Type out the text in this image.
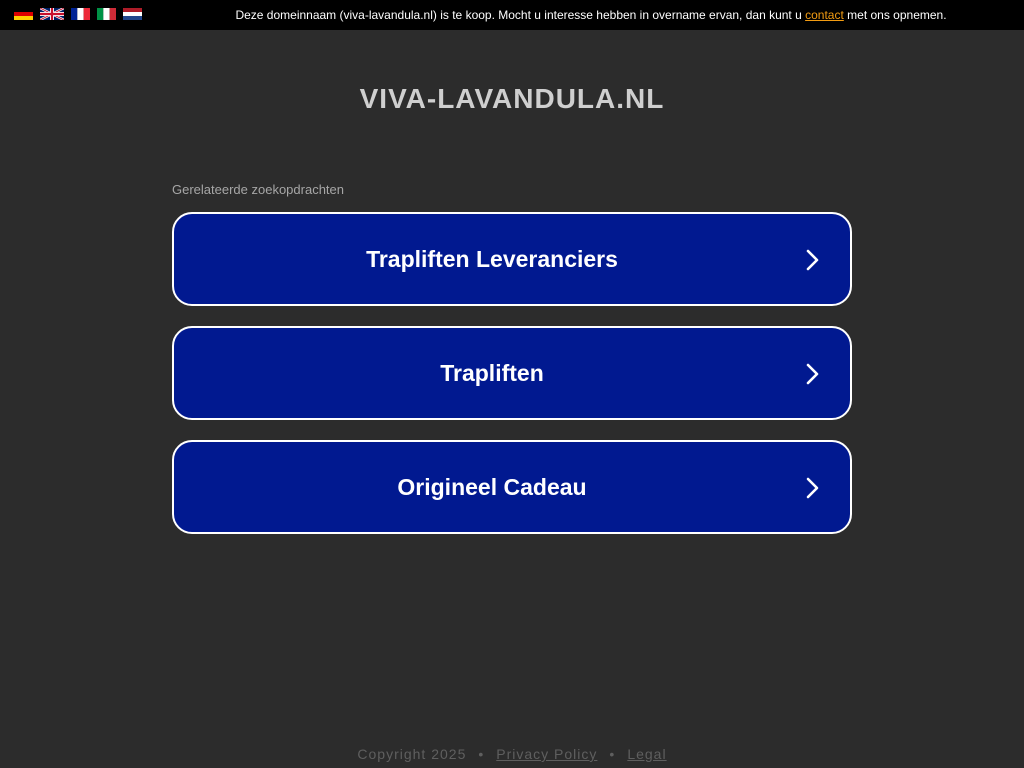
Deze domeinnaam (viva-lavandula.nl) is te koop. Mocht u interesse hebben in overname ervan, dan kunt u contact met ons opnemen.
VIVA-LAVANDULA.NL
Gerelateerde zoekopdrachten
Trapliften Leveranciers
Trapliften
Origineel Cadeau
Copyright 2025 • Privacy Policy • Legal
